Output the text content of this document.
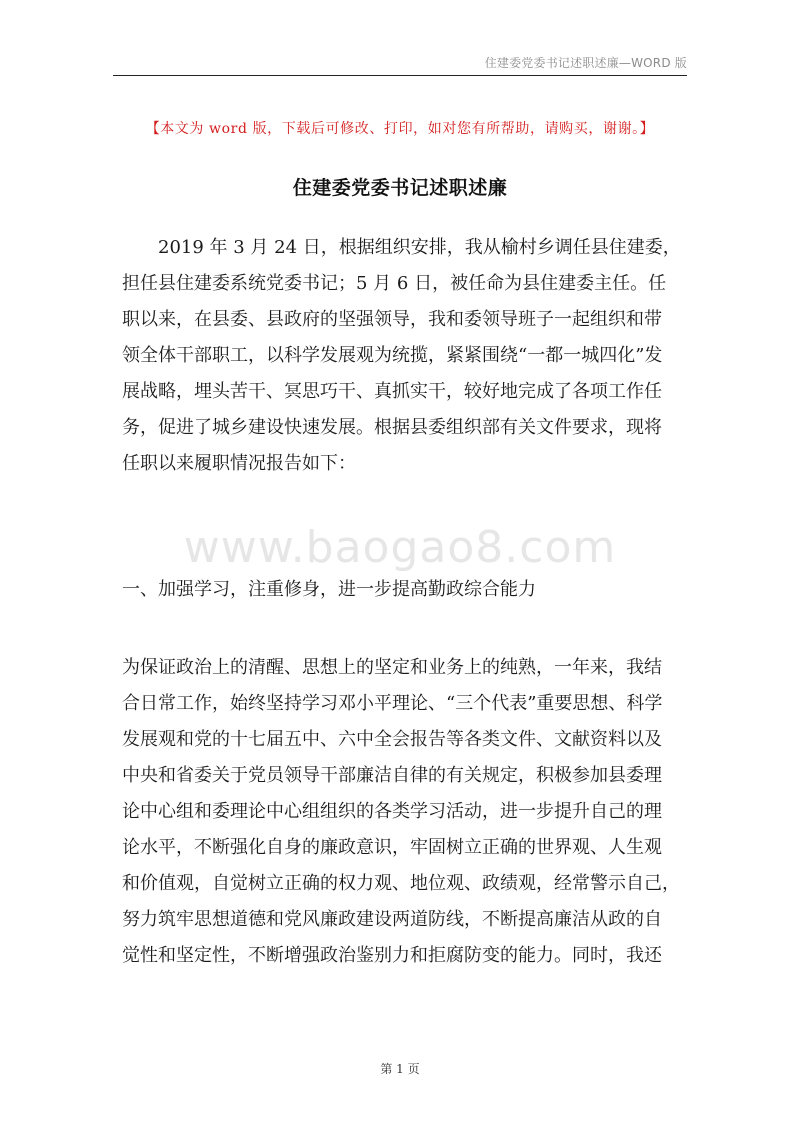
住建委党委书记述职述廉—WORD 版
【本文为 word 版，下载后可修改、打印，如对您有所帮助，请购买，谢谢。】
住建委党委书记述职述廉
2019 年 3 月 24 日，根据组织安排，我从榆村乡调任县住建委，
担任县住建委系统党委书记；5 月 6 日，被任命为县住建委主任。任
职以来，在县委、县政府的坚强领导，我和委领导班子一起组织和带
领全体干部职工，以科学发展观为统揽，紧紧围绕“一都一城四化”发
展战略，埋头苦干、冥思巧干、真抓实干，较好地完成了各项工作任
务，促进了城乡建设快速发展。根据县委组织部有关文件要求，现将
任职以来履职情况报告如下：
www.baogao8.com
一、加强学习，注重修身，进一步提高勤政综合能力
为保证政治上的清醒、思想上的坚定和业务上的纯熟，一年来，我结
合日常工作，始终坚持学习邓小平理论、“三个代表”重要思想、科学
发展观和党的十七届五中、六中全会报告等各类文件、文献资料以及
中央和省委关于党员领导干部廉洁自律的有关规定，积极参加县委理
论中心组和委理论中心组组织的各类学习活动，进一步提升自己的理
论水平，不断强化自身的廉政意识，牢固树立正确的世界观、人生观
和价值观，自觉树立正确的权力观、地位观、政绩观，经常警示自己，
努力筑牢思想道德和党风廉政建设两道防线，不断提高廉洁从政的自
觉性和坚定性，不断增强政治鉴别力和拒腐防变的能力。同时，我还
第 1 页
